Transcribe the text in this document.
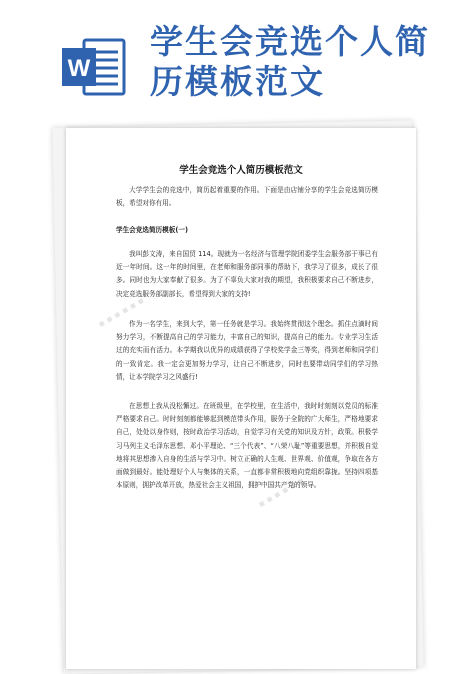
W
学生会竞选个人简历模板范文
▪ ▪ ▪ ▪ ▪ ▪
▪ ▪ ▪ ▪ ▪ ▪
学生会竞选个人简历模板范文
大学学生会的竞选中，简历起着重要的作用。下面是由店铺分享的学生会竞选简历模板，希望对你有用。
学生会竞选简历模板(一)
我叫彭文涛，来自国贸 114。现就为一名经济与管理学院团委学生会服务部干事已有近一年时间。这一年的时间里，在老师和服务部同事的帮助下，我学习了很多，成长了很多。同时也为大家奉献了很多。为了不辜负大家对我的期望，我积极要求自己不断进步，决定竞选服务部副部长，希望得到大家的支持!
作为一名学生，来到大学，第一任务就是学习。我始终贯彻这个理念。抓住点滴时间努力学习，不断提高自己的学习能力，丰富自己的知识，提高自己的能力。专业学习生活过的充实而有活力。本学期我以优异的成绩获得了学校奖学金三等奖，得到老师和同学们的一致肯定。我一定会更加努力学习，让自己不断进步，同时也要带动同学们的学习热情，让本学院学习之风盛行!
在思想上我从没松懈过。在班级里，在学校里，在生活中，我时时刻刻以党员的标准严格要求自己。时时刻刻都能够起到模范带头作用，服务于全院的广大师生，严格地要求自己，处处以身作则，按时政治学习活动，自觉学习有关党的知识及方针，政策。积极学习马列主义毛泽东思想、邓小平理论、“三个代表”、“八荣八耻”等重要思想，并积极自觉地将其思想渗入自身的生活与学习中。树立正确的人生观、世界观、价值观，争取在各方面做到最好。能处理好个人与集体的关系，一直都非常积极地向党组织靠拢。坚持四项基本原则，拥护改革开放，热爱社会主义祖国，拥护中国共产党的领导。
